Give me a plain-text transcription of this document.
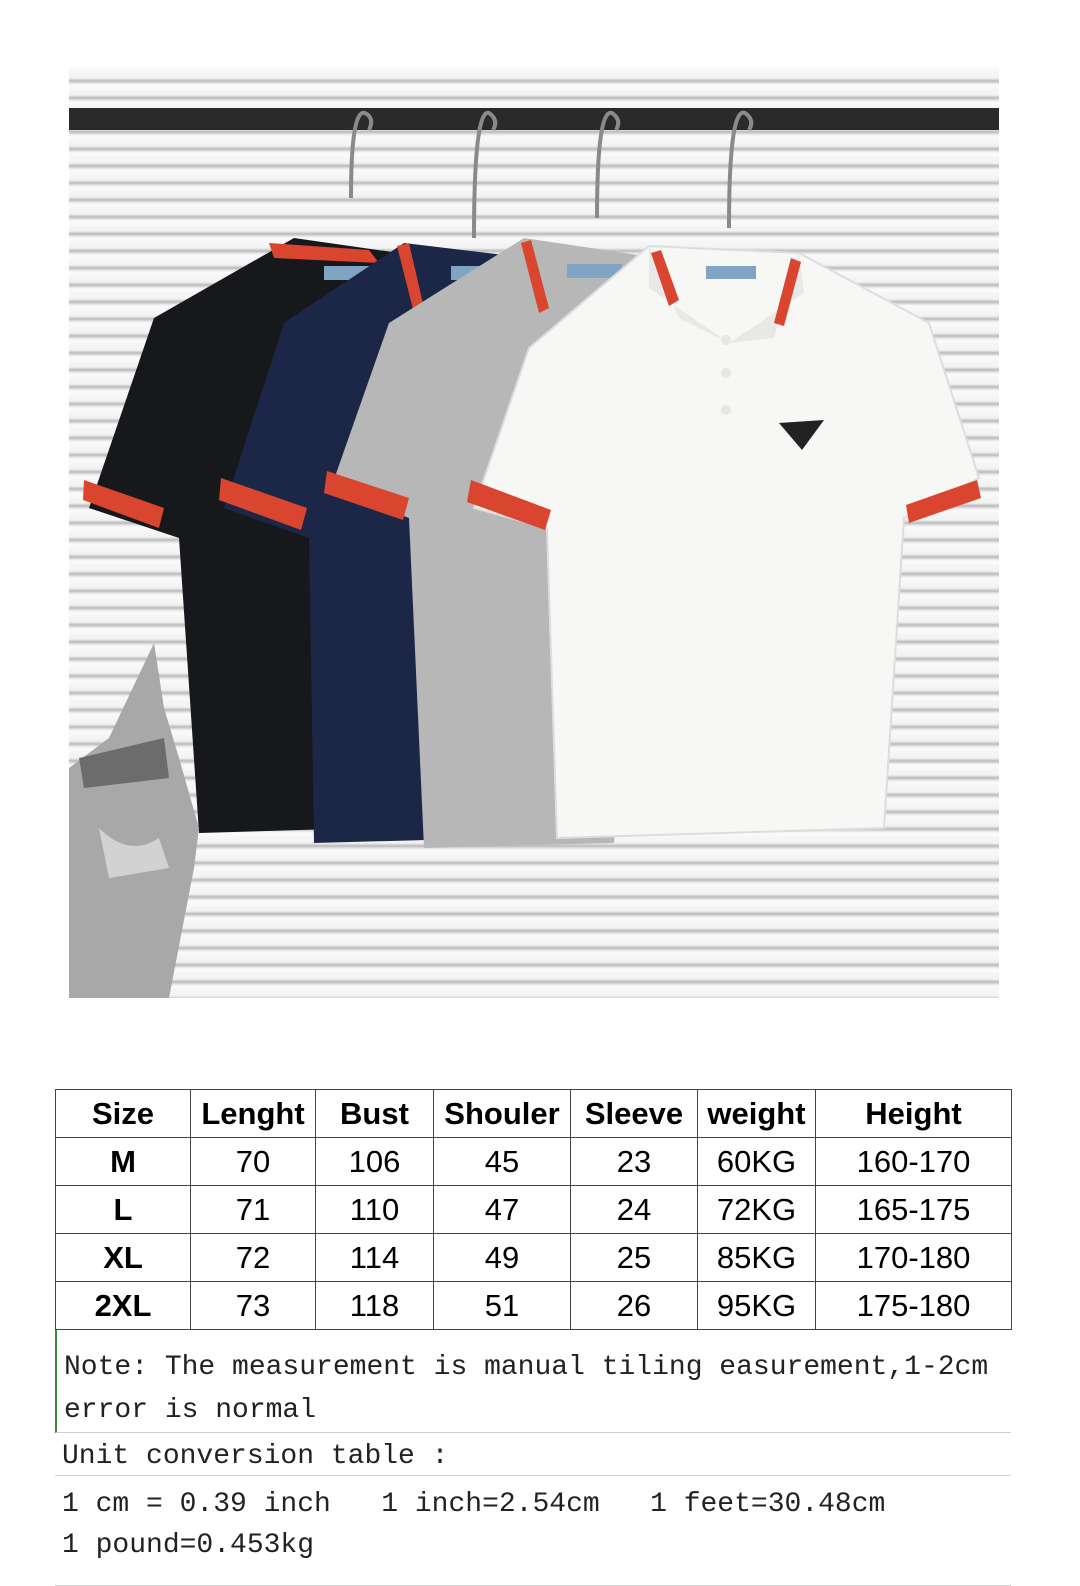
Size	Lenght	Bust	Shouler	Sleeve	weight	Height
M	70	106	45	23	60KG	160-170
L	71	110	47	24	72KG	165-175
XL	72	114	49	25	85KG	170-180
2XL	73	118	51	26	95KG	175-180
Note: The measurement is manual tiling easurement,1-2cm error is normal
Unit conversion table :
1 cm = 0.39 inch   1 inch=2.54cm   1 feet=30.48cm
1 pound=0.453kg
